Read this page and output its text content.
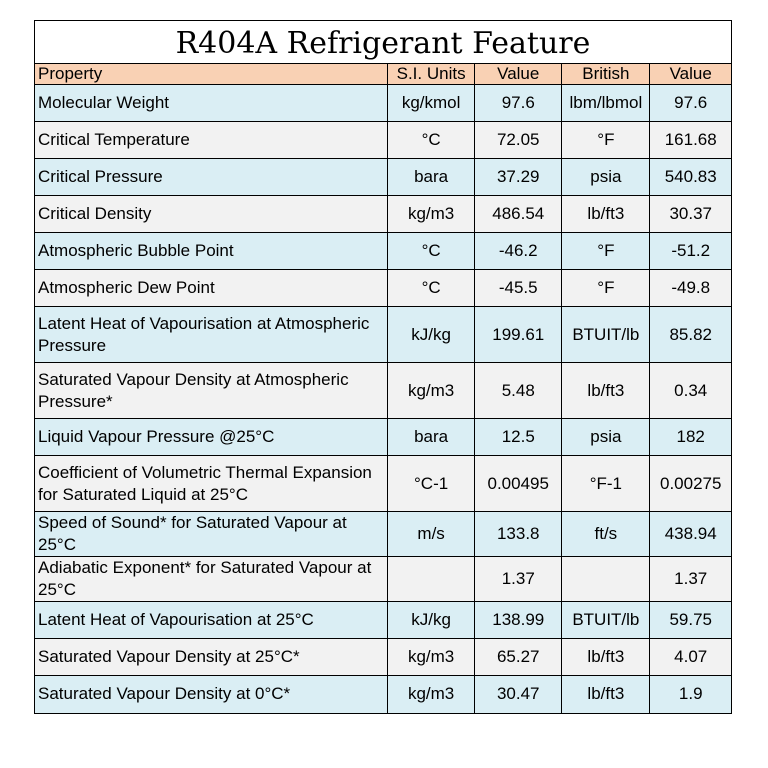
R404A Refrigerant Feature
Property	S.I. Units	Value	British	Value
Molecular Weight	kg/kmol	97.6	lbm/lbmol	97.6
Critical Temperature	°C	72.05	°F	161.68
Critical Pressure	bara	37.29	psia	540.83
Critical Density	kg/m3	486.54	lb/ft3	30.37
Atmospheric Bubble Point	°C	-46.2	°F	-51.2
Atmospheric Dew Point	°C	-45.5	°F	-49.8
Latent Heat of Vapourisation at Atmospheric Pressure	kJ/kg	199.61	BTUIT/lb	85.82
Saturated Vapour Density at Atmospheric Pressure*	kg/m3	5.48	lb/ft3	0.34
Liquid Vapour Pressure @25°C	bara	12.5	psia	182
Coefficient of Volumetric Thermal Expansion for Saturated Liquid at 25°C	°C-1	0.00495	°F-1	0.00275
Speed of Sound* for Saturated Vapour at 25°C	m/s	133.8	ft/s	438.94
Adiabatic Exponent* for Saturated Vapour at 25°C		1.37		1.37
Latent Heat of Vapourisation at 25°C	kJ/kg	138.99	BTUIT/lb	59.75
Saturated Vapour Density at 25°C*	kg/m3	65.27	lb/ft3	4.07
Saturated Vapour Density at 0°C*	kg/m3	30.47	lb/ft3	1.9
